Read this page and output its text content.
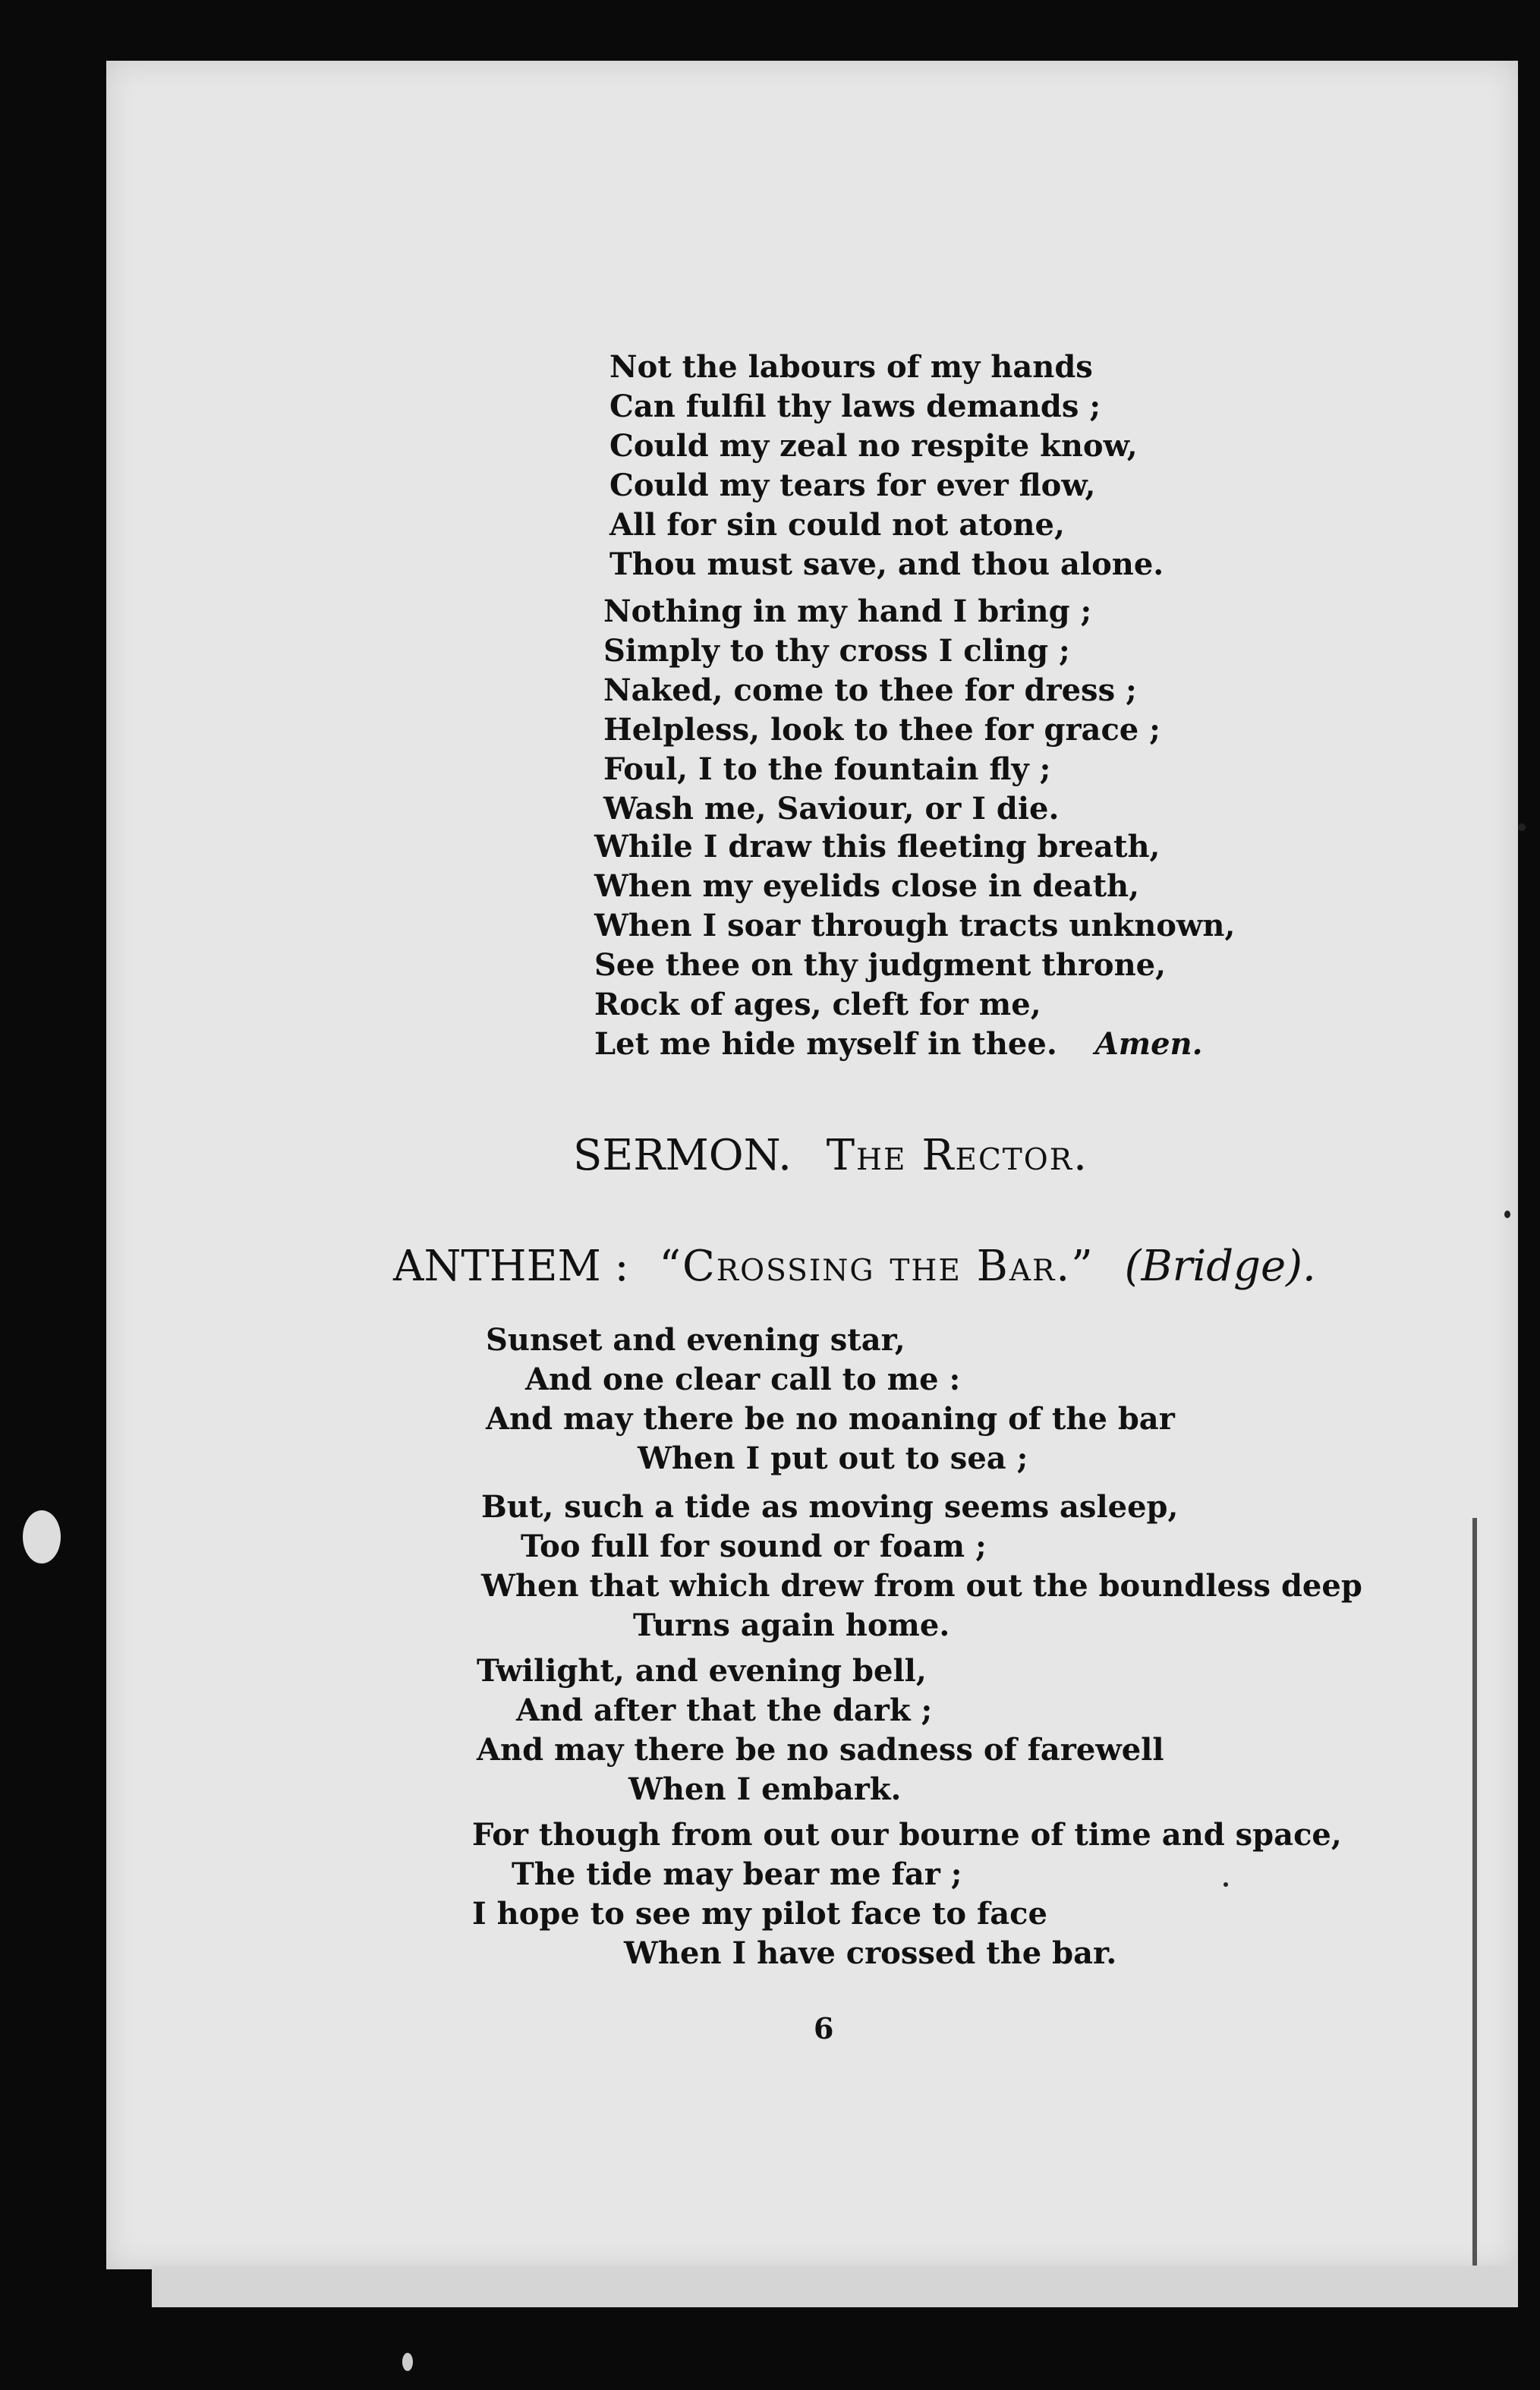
Not the labours of my hands
Can fulfil thy laws demands ;
Could my zeal no respite know,
Could my tears for ever flow,
All for sin could not atone,
Thou must save, and thou alone.
Nothing in my hand I bring ;
Simply to thy cross I cling ;
Naked, come to thee for dress ;
Helpless, look to thee for grace ;
Foul, I to the fountain fly ;
Wash me, Saviour, or I die.
While I draw this fleeting breath,
When my eyelids close in death,
When I soar through tracts unknown,
See thee on thy judgment throne,
Rock of ages, cleft for me,
Let me hide myself in thee. Amen.
SERMON. The Rector.
ANTHEM : “Crossing the Bar.” (Bridge).
Sunset and evening star,
And one clear call to me :
And may there be no moaning of the bar
When I put out to sea ;
But, such a tide as moving seems asleep,
Too full for sound or foam ;
When that which drew from out the boundless deep
Turns again home.
Twilight, and evening bell,
And after that the dark ;
And may there be no sadness of farewell
When I embark.
For though from out our bourne of time and space,
The tide may bear me far ;
I hope to see my pilot face to face
When I have crossed the bar.
6
